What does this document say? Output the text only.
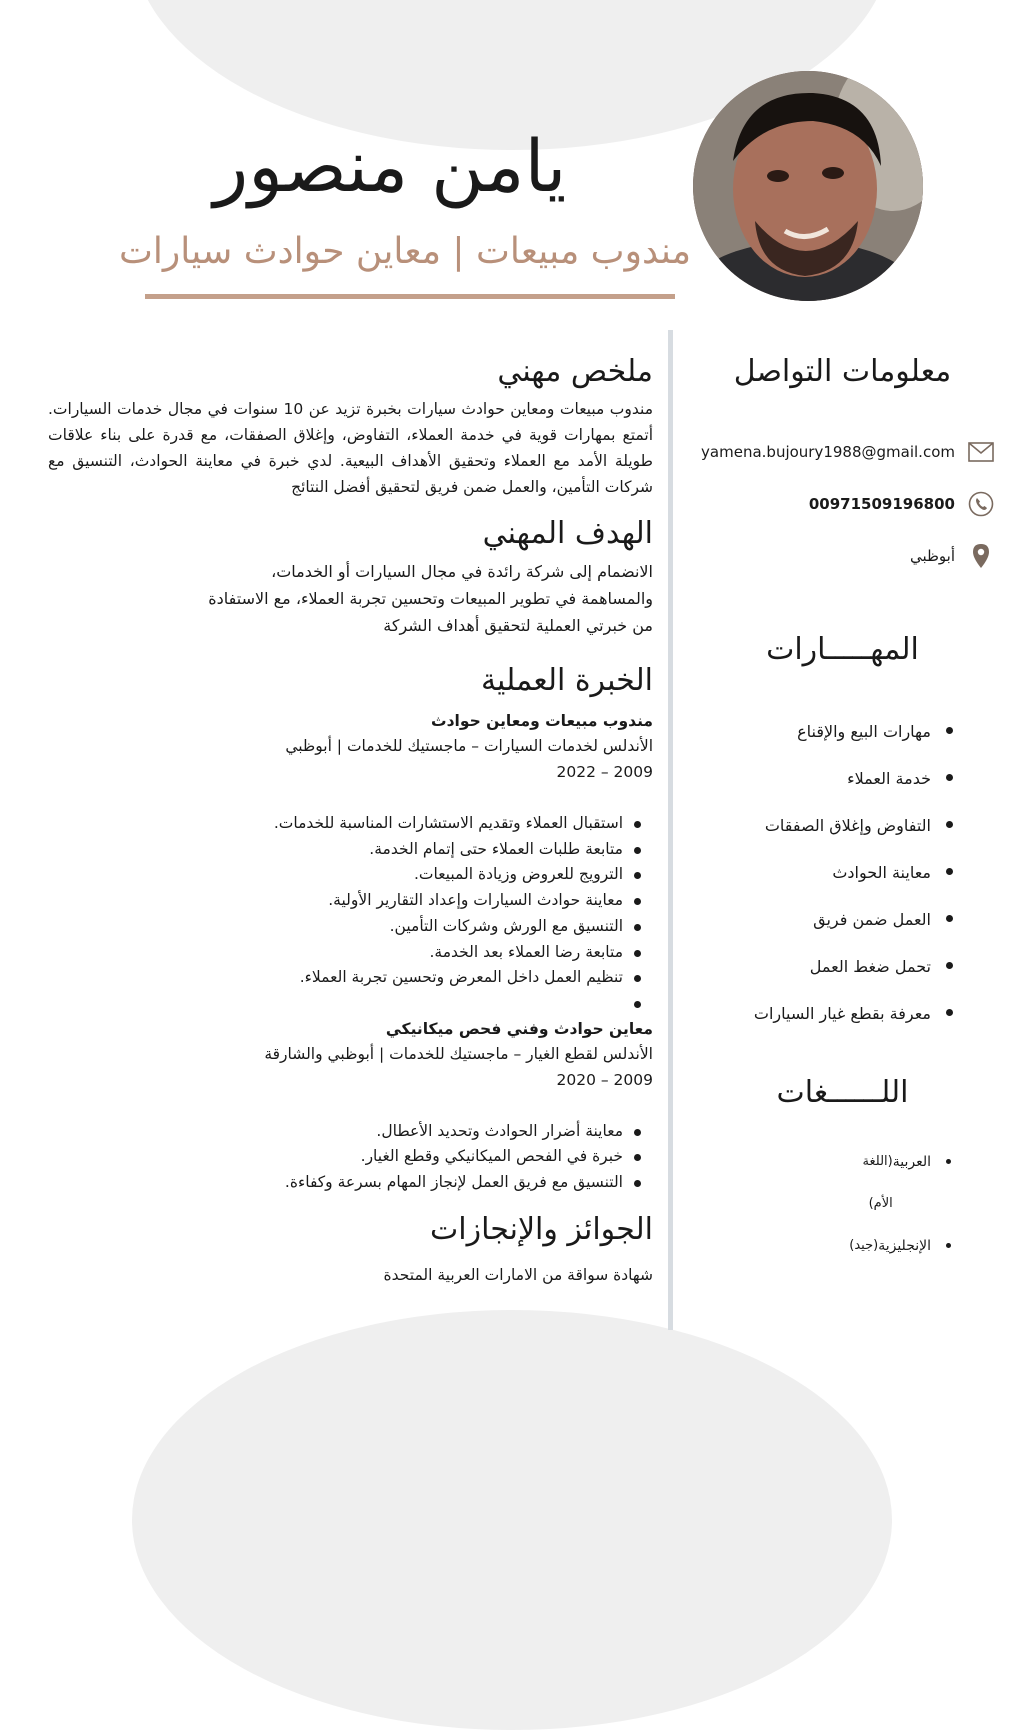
يامن منصور
مندوب مبيعات | معاين حوادث سيارات
ملخص مهني

مندوب مبيعات ومعاين حوادث سيارات بخبرة تزيد عن 10 سنوات في مجال خدمات السيارات. أتمتع بمهارات قوية في خدمة العملاء، التفاوض، وإغلاق الصفقات، مع قدرة على بناء علاقات طويلة الأمد مع العملاء وتحقيق الأهداف البيعية. لدي خبرة في معاينة الحوادث، التنسيق مع شركات التأمين، والعمل ضمن فريق لتحقيق أفضل النتائج

الهدف المهني

الانضمام إلى شركة رائدة في مجال السيارات أو الخدمات، والمساهمة في تطوير المبيعات وتحسين تجربة العملاء، مع الاستفادة من خبرتي العملية لتحقيق أهداف الشركة

الخبرة العملية

مندوب مبيعات ومعاين حوادث

الأندلس لخدمات السيارات – ماجستيك للخدمات | أبوظبي

2009 – 2022

استقبال العملاء وتقديم الاستشارات المناسبة للخدمات.
متابعة طلبات العملاء حتى إتمام الخدمة.
الترويج للعروض وزيادة المبيعات.
معاينة حوادث السيارات وإعداد التقارير الأولية.
التنسيق مع الورش وشركات التأمين.
متابعة رضا العملاء بعد الخدمة.
تنظيم العمل داخل المعرض وتحسين تجربة العملاء.

معاين حوادث وفني فحص ميكانيكي

الأندلس لقطع الغيار – ماجستيك للخدمات | أبوظبي والشارقة

2009 – 2020

معاينة أضرار الحوادث وتحديد الأعطال.
خبرة في الفحص الميكانيكي وقطع الغيار.
التنسيق مع فريق العمل لإنجاز المهام بسرعة وكفاءة.
الجوائز والإنجازات

شهادة سواقة من الامارات العربية المتحدة

معلومات التواصل
yamena.bujoury1988@gmail.com
00971509196800
أبوظبي
المهـــــارات
مهارات البيع والإقناع
خدمة العملاء
التفاوض وإغلاق الصفقات
معاينة الحوادث
العمل ضمن فريق
تحمل ضغط العمل
معرفة بقطع غيار السيارات
اللــــــغات
العربية
(اللغة الأم)
الإنجليزية
(جيد)
